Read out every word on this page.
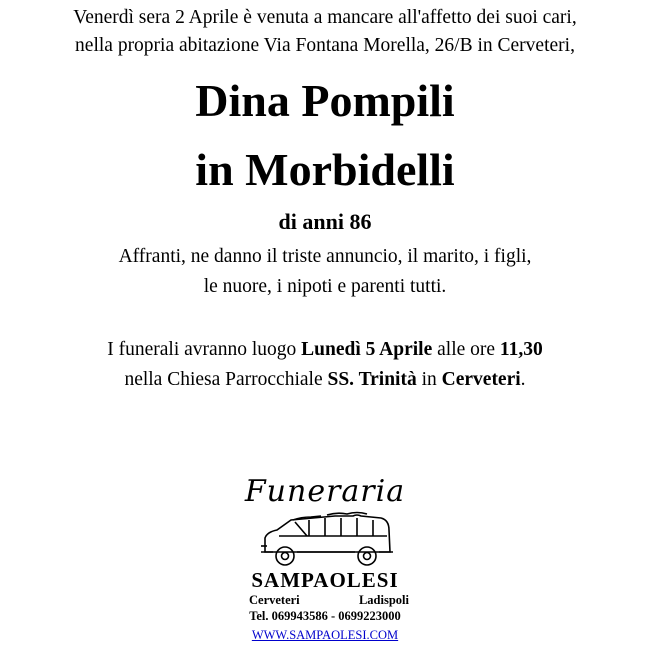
Venerdì sera 2 Aprile è venuta a mancare all'affetto dei suoi cari,
nella propria abitazione Via Fontana Morella, 26/B in Cerveteri,
Dina Pompili
in Morbidelli
di anni 86
Affranti, ne danno il triste annuncio, il marito, i figli,
le nuore, i nipoti e parenti tutti.
I funerali avranno luogo Lunedì 5 Aprile alle ore 11,30
nella Chiesa Parrocchiale SS. Trinità in Cerveteri.
Funeraria
SAMPAOLESI
Cerveteri	Ladispoli
Tel. 069943586 - 0699223000
WWW.SAMPAOLESI.COM
